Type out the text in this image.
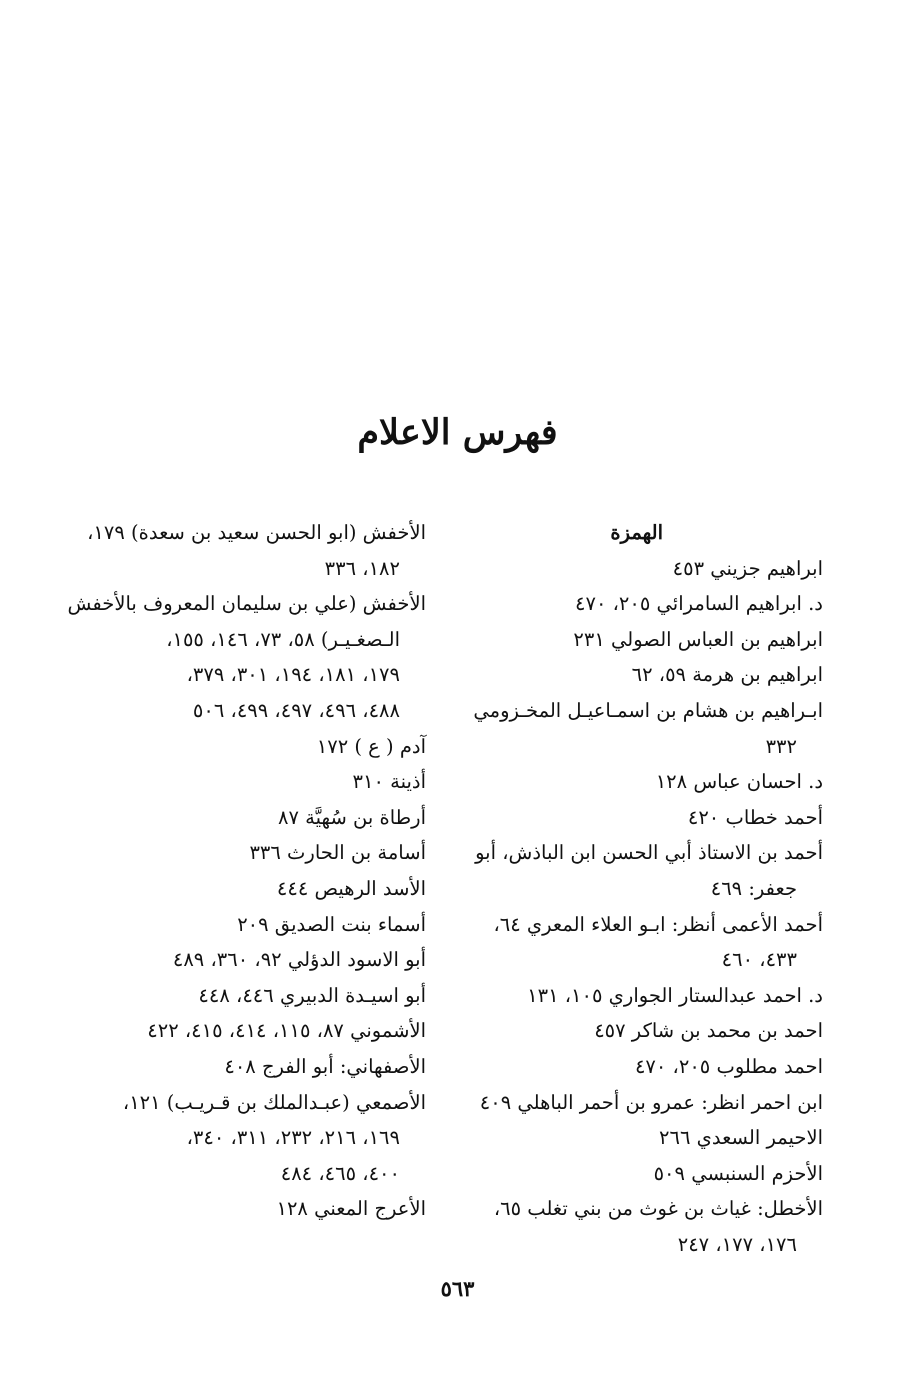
فهرس الاعلام
الهمزة
ابراهيم جزيني ٤٥٣
د. ابراهيم السامرائي ٢٠٥، ٤٧٠
ابراهيم بن العباس الصولي ٢٣١
ابراهيم بن هرمة ٥٩، ٦٢
ابـراهيم بن هشام بن اسمـاعيـل المخـزومي
٣٣٢
د. احسان عباس ١٢٨
أحمد خطاب ٤٢٠
أحمد بن الاستاذ أبي الحسن ابن الباذش، أبو
جعفر: ٤٦٩
أحمد الأعمى أنظر: ابـو العلاء المعري ٦٤،
٤٣٣، ٤٦٠
د. احمد عبدالستار الجواري ١٠٥، ١٣١
احمد بن محمد بن شاكر ٤٥٧
احمد مطلوب ٢٠٥، ٤٧٠
ابن احمر انظر: عمرو بن أحمر الباهلي ٤٠٩
الاحيمر السعدي ٢٦٦
الأحزم السنبسي ٥٠٩
الأخطل: غياث بن غوث من بني تغلب ٦٥،
١٧٦، ١٧٧، ٢٤٧
الأخفش (ابو الحسن سعيد بن سعدة) ١٧٩،
١٨٢، ٣٣٦
الأخفش (علي بن سليمان المعروف بالأخفش
الـصغـيـر) ٥٨، ٧٣، ١٤٦، ١٥٥،
١٧٩، ١٨١، ١٩٤، ٣٠١، ٣٧٩،
٤٨٨، ٤٩٦، ٤٩٧، ٤٩٩، ٥٠٦
آدم ( ع ) ١٧٢
أذينة ٣١٠
أرطاة بن سُهيَّة ٨٧
أسامة بن الحارث ٣٣٦
الأسد الرهيص ٤٤٤
أسماء بنت الصديق ٢٠٩
أبو الاسود الدؤلي ٩٢، ٣٦٠، ٤٨٩
أبو اسيـدة الدبيري ٤٤٦، ٤٤٨
الأشموني ٨٧، ١١٥، ٤١٤، ٤١٥، ٤٢٢
الأصفهاني: أبو الفرج ٤٠٨
الأصمعي (عبـدالملك بن قـريـب) ١٢١،
١٦٩، ٢١٦، ٢٣٢، ٣١١، ٣٤٠،
٤٠٠، ٤٦٥، ٤٨٤
الأعرج المعني ١٢٨
٥٦٣
